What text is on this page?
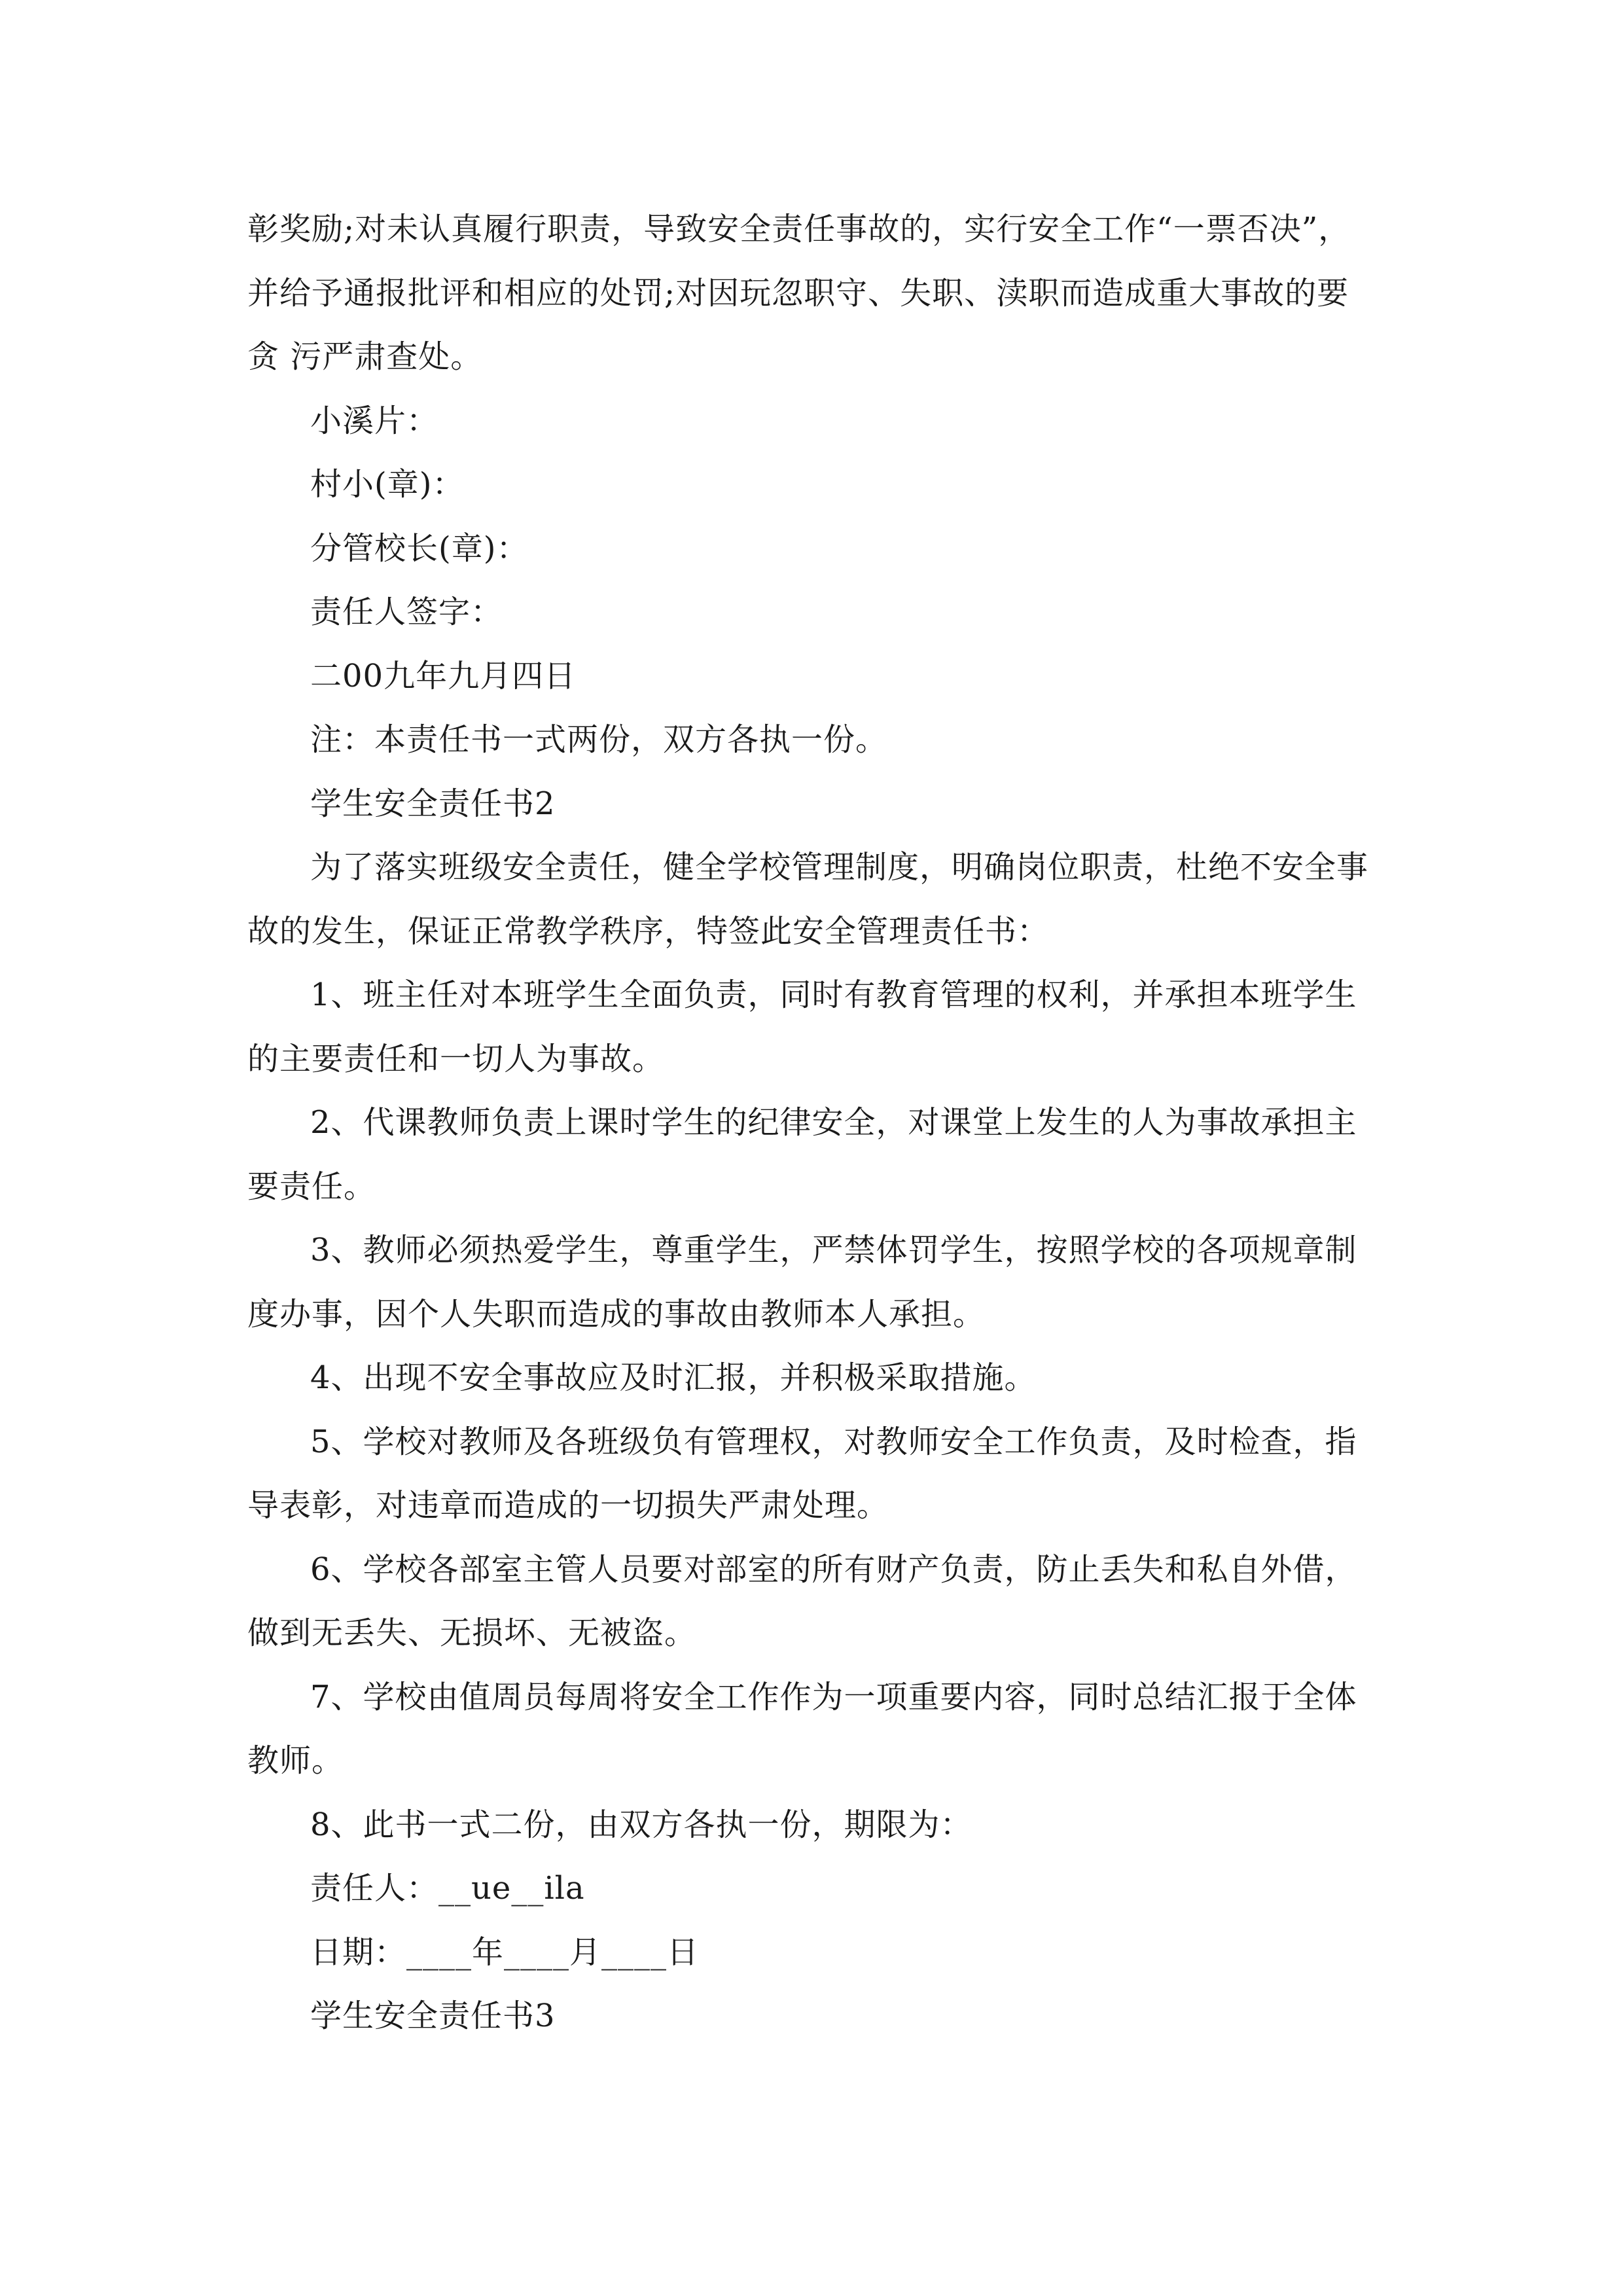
彰奖励;对未认真履行职责，导致安全责任事故的，实行安全工作“一票否决”，
并给予通报批评和相应的处罚;对因玩忽职守、失职、渎职而造成重大事故的要
贪 污严肃查处。
小溪片：
村小(章)：
分管校长(章)：
责任人签字：
二00九年九月四日
注：本责任书一式两份，双方各执一份。
学生安全责任书2
为了落实班级安全责任，健全学校管理制度，明确岗位职责，杜绝不安全事
故的发生，保证正常教学秩序，特签此安全管理责任书：
1、班主任对本班学生全面负责，同时有教育管理的权利，并承担本班学生
的主要责任和一切人为事故。
2、代课教师负责上课时学生的纪律安全，对课堂上发生的人为事故承担主
要责任。
3、教师必须热爱学生，尊重学生，严禁体罚学生，按照学校的各项规章制
度办事，因个人失职而造成的事故由教师本人承担。
4、出现不安全事故应及时汇报，并积极采取措施。
5、学校对教师及各班级负有管理权，对教师安全工作负责，及时检查，指
导表彰，对违章而造成的一切损失严肃处理。
6、学校各部室主管人员要对部室的所有财产负责，防止丢失和私自外借，
做到无丢失、无损坏、无被盗。
7、学校由值周员每周将安全工作作为一项重要内容，同时总结汇报于全体
教师。
8、此书一式二份，由双方各执一份，期限为：
责任人：__ue__ila
日期：____年____月____日
学生安全责任书3
